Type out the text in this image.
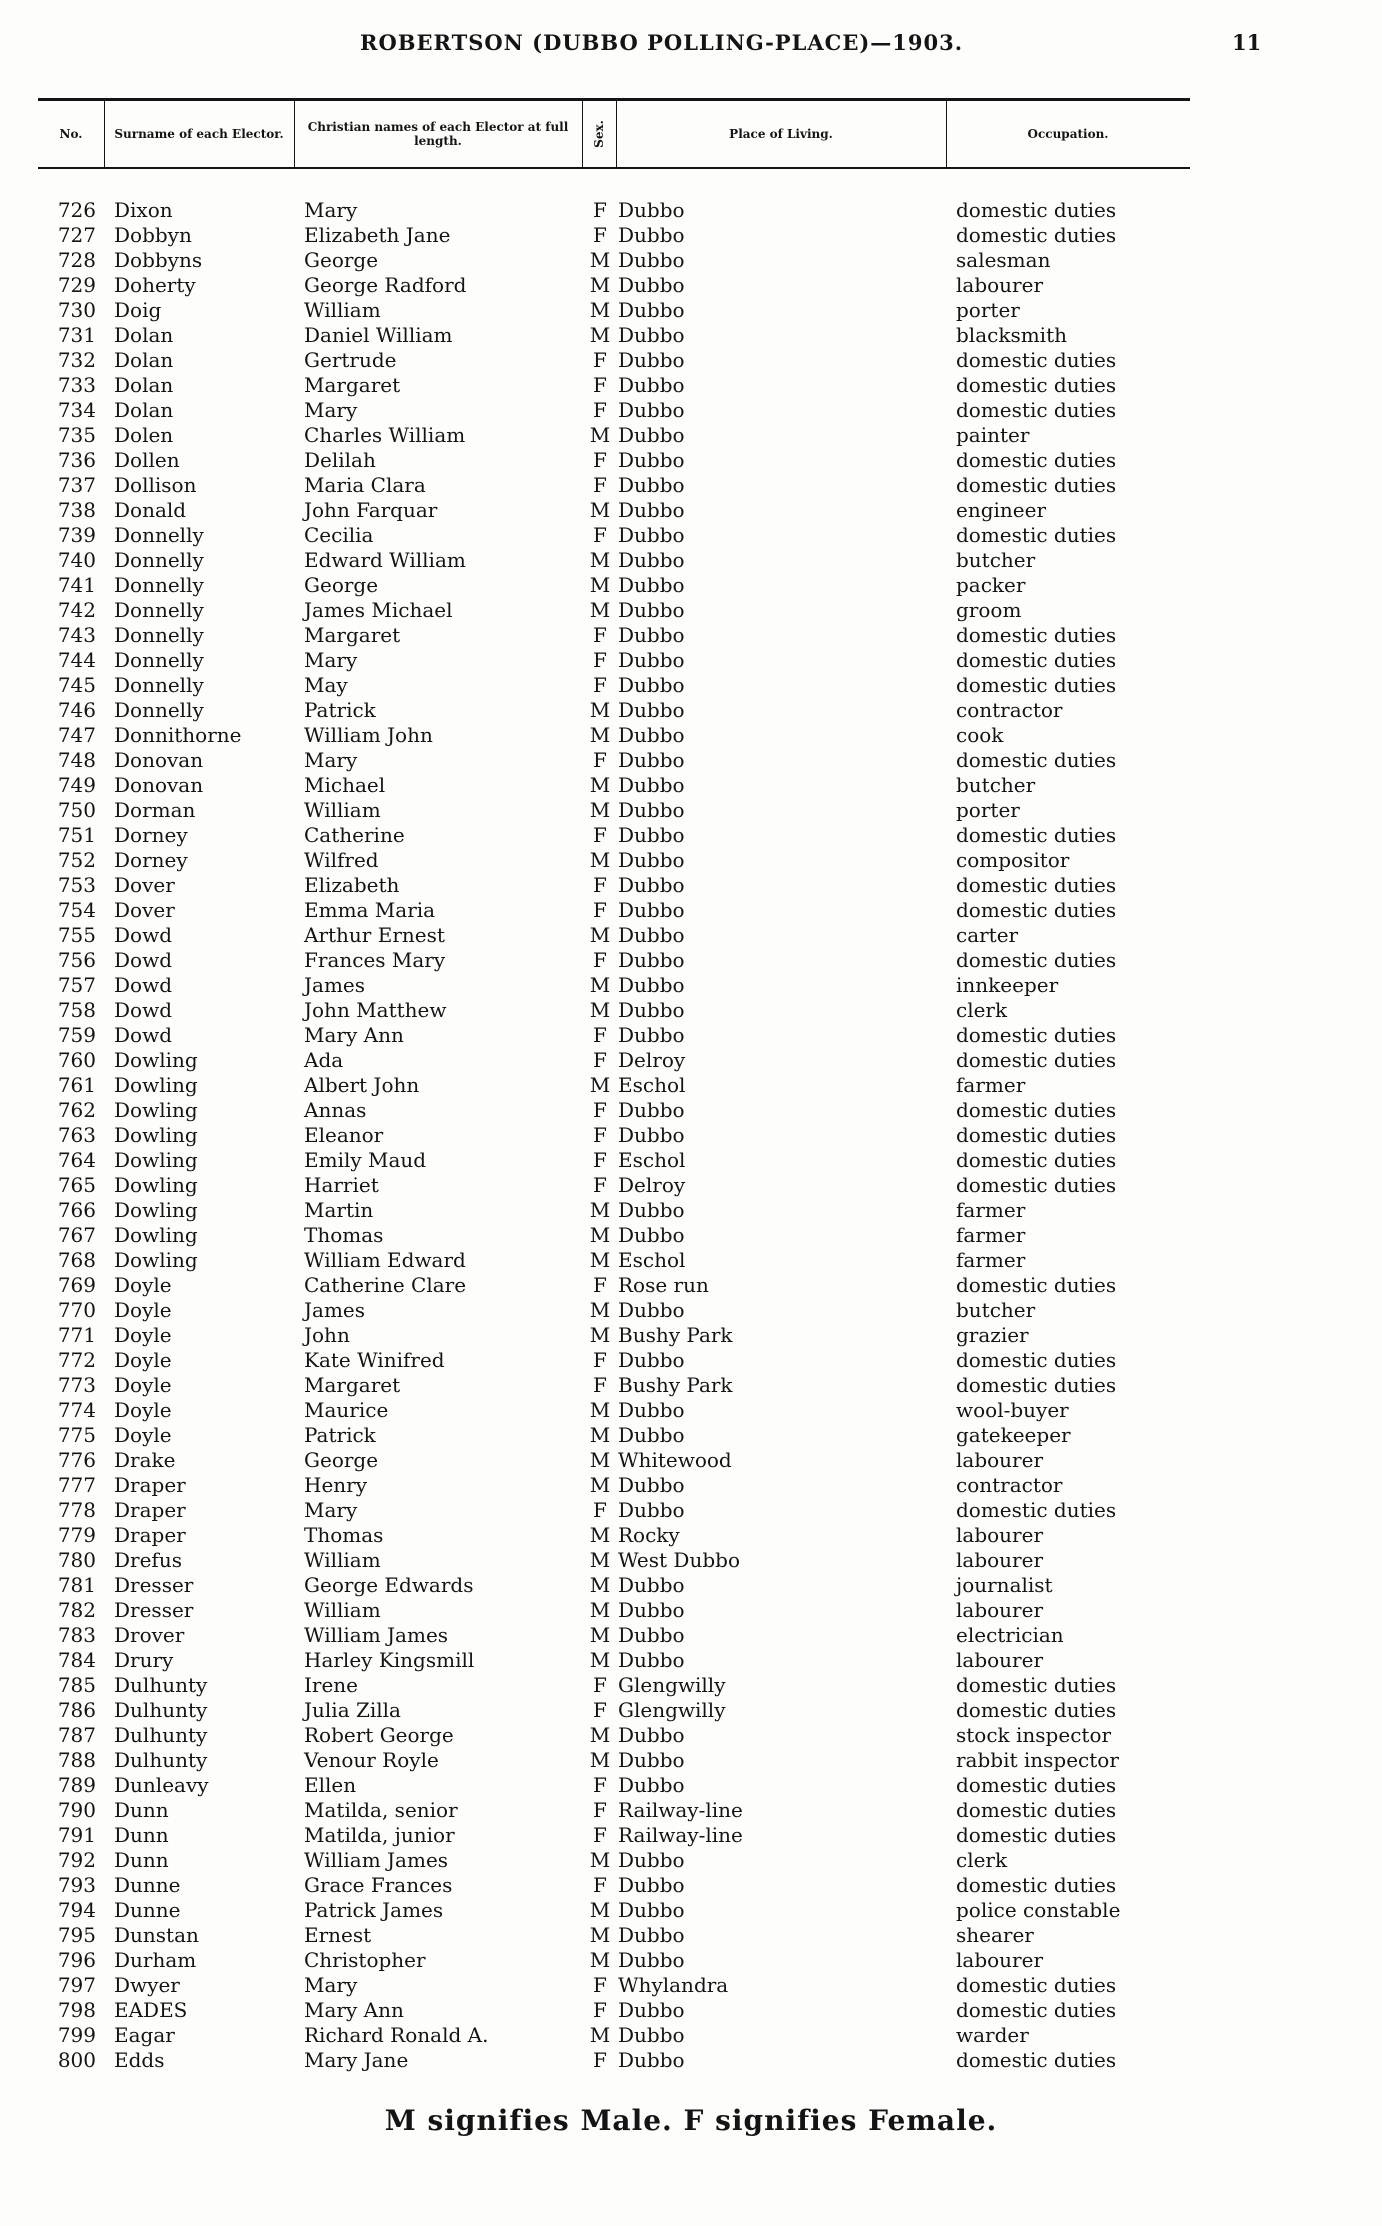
ROBERTSON (DUBBO POLLING-PLACE)—1903.	11
No.	Surname of each Elector.	Christian names of each Elector at full length.	Sex.	Place of Living.	Occupation.
726 Dixon	Mary	F Dubbo	domestic duties
727 Dobbyn	Elizabeth Jane	F Dubbo	domestic duties
728 Dobbyns	George	M Dubbo	salesman
729 Doherty	George Radford	M Dubbo	labourer
730 Doig	William	M Dubbo	porter
731 Dolan	Daniel William	M Dubbo	blacksmith
732 Dolan	Gertrude	F Dubbo	domestic duties
733 Dolan	Margaret	F Dubbo	domestic duties
734 Dolan	Mary	F Dubbo	domestic duties
735 Dolen	Charles William	M Dubbo	painter
736 Dollen	Delilah	F Dubbo	domestic duties
737 Dollison	Maria Clara	F Dubbo	domestic duties
738 Donald	John Farquar	M Dubbo	engineer
739 Donnelly	Cecilia	F Dubbo	domestic duties
740 Donnelly	Edward William	M Dubbo	butcher
741 Donnelly	George	M Dubbo	packer
742 Donnelly	James Michael	M Dubbo	groom
743 Donnelly	Margaret	F Dubbo	domestic duties
744 Donnelly	Mary	F Dubbo	domestic duties
745 Donnelly	May	F Dubbo	domestic duties
746 Donnelly	Patrick	M Dubbo	contractor
747 Donnithorne	William John	M Dubbo	cook
748 Donovan	Mary	F Dubbo	domestic duties
749 Donovan	Michael	M Dubbo	butcher
750 Dorman	William	M Dubbo	porter
751 Dorney	Catherine	F Dubbo	domestic duties
752 Dorney	Wilfred	M Dubbo	compositor
753 Dover	Elizabeth	F Dubbo	domestic duties
754 Dover	Emma Maria	F Dubbo	domestic duties
755 Dowd	Arthur Ernest	M Dubbo	carter
756 Dowd	Frances Mary	F Dubbo	domestic duties
757 Dowd	James	M Dubbo	innkeeper
758 Dowd	John Matthew	M Dubbo	clerk
759 Dowd	Mary Ann	F Dubbo	domestic duties
760 Dowling	Ada	F Delroy	domestic duties
761 Dowling	Albert John	M Eschol	farmer
762 Dowling	Annas	F Dubbo	domestic duties
763 Dowling	Eleanor	F Dubbo	domestic duties
764 Dowling	Emily Maud	F Eschol	domestic duties
765 Dowling	Harriet	F Delroy	domestic duties
766 Dowling	Martin	M Dubbo	farmer
767 Dowling	Thomas	M Dubbo	farmer
768 Dowling	William Edward	M Eschol	farmer
769 Doyle	Catherine Clare	F Rose run	domestic duties
770 Doyle	James	M Dubbo	butcher
771 Doyle	John	M Bushy Park	grazier
772 Doyle	Kate Winifred	F Dubbo	domestic duties
773 Doyle	Margaret	F Bushy Park	domestic duties
774 Doyle	Maurice	M Dubbo	wool-buyer
775 Doyle	Patrick	M Dubbo	gatekeeper
776 Drake	George	M Whitewood	labourer
777 Draper	Henry	M Dubbo	contractor
778 Draper	Mary	F Dubbo	domestic duties
779 Draper	Thomas	M Rocky	labourer
780 Drefus	William	M West Dubbo	labourer
781 Dresser	George Edwards	M Dubbo	journalist
782 Dresser	William	M Dubbo	labourer
783 Drover	William James	M Dubbo	electrician
784 Drury	Harley Kingsmill	M Dubbo	labourer
785 Dulhunty	Irene	F Glengwilly	domestic duties
786 Dulhunty	Julia Zilla	F Glengwilly	domestic duties
787 Dulhunty	Robert George	M Dubbo	stock inspector
788 Dulhunty	Venour Royle	M Dubbo	rabbit inspector
789 Dunleavy	Ellen	F Dubbo	domestic duties
790 Dunn	Matilda, senior	F Railway-line	domestic duties
791 Dunn	Matilda, junior	F Railway-line	domestic duties
792 Dunn	William James	M Dubbo	clerk
793 Dunne	Grace Frances	F Dubbo	domestic duties
794 Dunne	Patrick James	M Dubbo	police constable
795 Dunstan	Ernest	M Dubbo	shearer
796 Durham	Christopher	M Dubbo	labourer
797 Dwyer	Mary	F Whylandra	domestic duties
798 EADES	Mary Ann	F Dubbo	domestic duties
799 Eagar	Richard Ronald A.	M Dubbo	warder
800 Edds	Mary Jane	F Dubbo	domestic duties
M signifies Male. F signifies Female.
